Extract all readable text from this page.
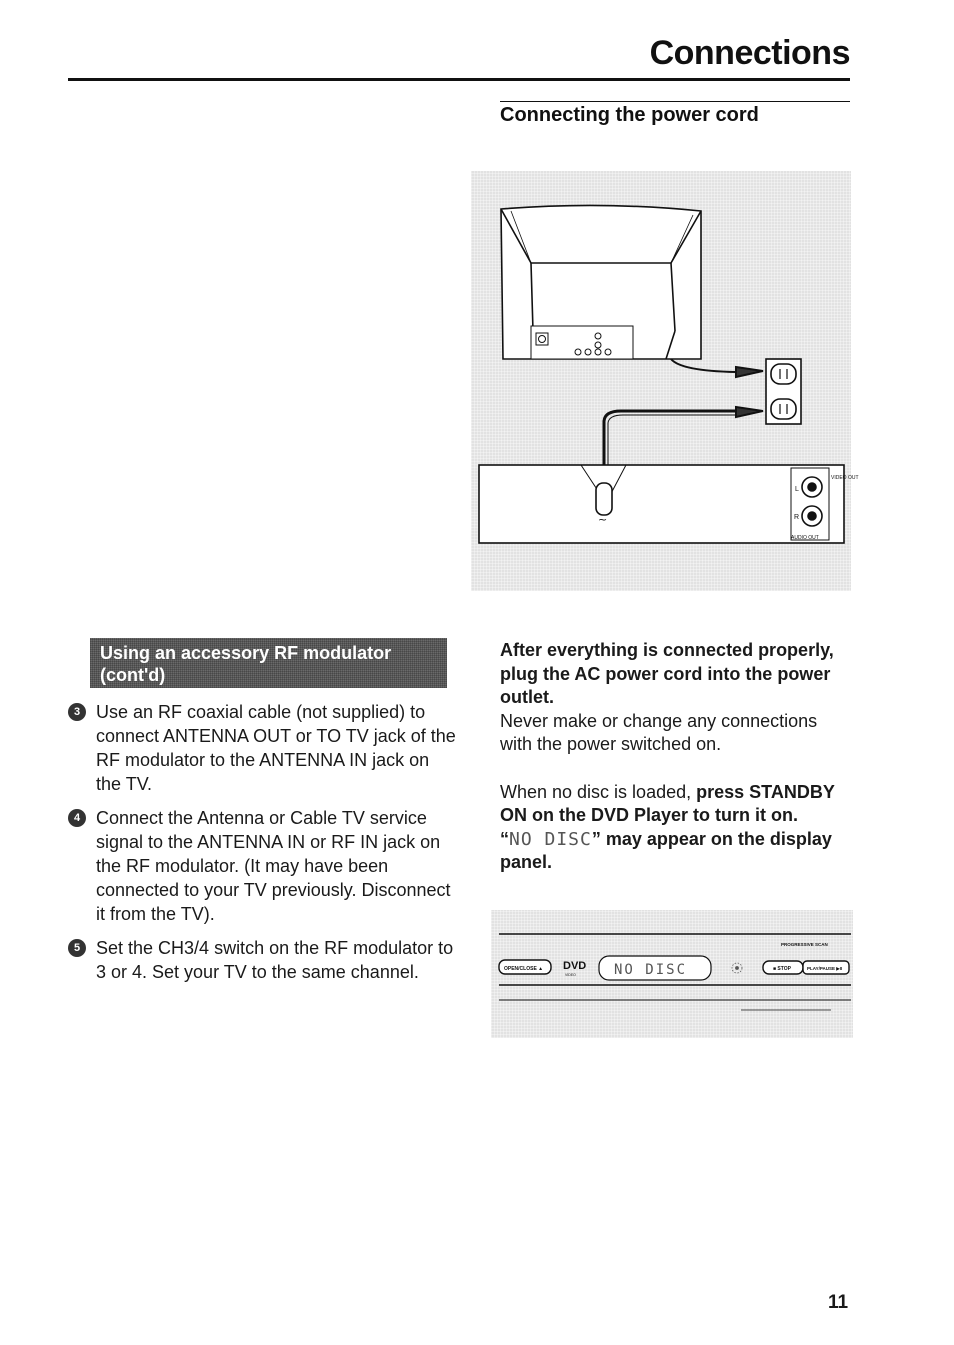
Connections
Connecting the power cord
L
R
VIDEO OUT
AUDIO OUT
~
Using an accessory RF modulator (cont'd)
3 Use an RF coaxial cable (not supplied) to connect ANTENNA OUT or TO TV jack of the RF modulator to the ANTENNA IN jack on the TV.
4 Connect the Antenna or Cable TV service signal to the ANTENNA IN or RF IN jack on the RF modulator. (It may have been connected to your TV previously. Disconnect it from the TV).
5 Set the CH3/4 switch on the RF modulator to 3 or 4. Set your TV to the same channel.

After everything is connected properly, plug the AC power cord into the power outlet.

Never make or change any connections with the power switched on.

When no disc is loaded, press STANDBY ON on the DVD Player to turn it on.

“NO DISC” may appear on the display panel.

PROGRESSIVE SCAN
OPEN/CLOSE ▲ DVD
VIDEO	NO DISC	■ STOP	PLAY/PAUSE ▶II
11
